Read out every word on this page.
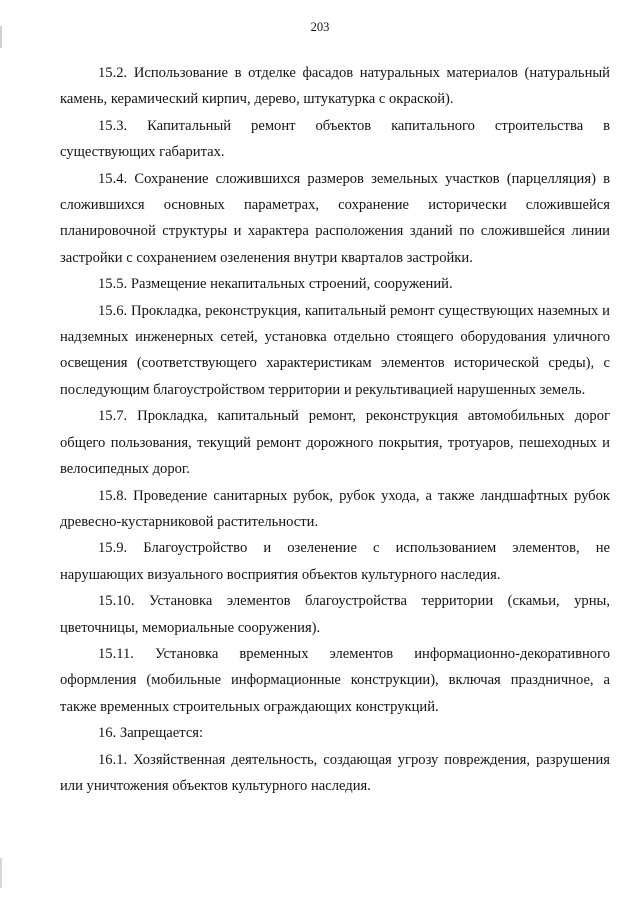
203

15.2. Использование в отделке фасадов натуральных материалов (натуральный камень, керамический кирпич, дерево, штукатурка с окраской).

15.3. Капитальный ремонт объектов капитального строительства в существующих габаритах.

15.4. Сохранение сложившихся размеров земельных участков (парцелляция) в сложившихся основных параметрах, сохранение исторически сложившейся планировочной структуры и характера расположения зданий по сложившейся линии застройки с сохранением озеленения внутри кварталов застройки.

15.5. Размещение некапитальных строений, сооружений.

15.6. Прокладка, реконструкция, капитальный ремонт существующих наземных и надземных инженерных сетей, установка отдельно стоящего оборудования уличного освещения (соответствующего характеристикам элементов исторической среды), с последующим благоустройством территории и рекультивацией нарушенных земель.

15.7. Прокладка, капитальный ремонт, реконструкция автомобильных дорог общего пользования, текущий ремонт дорожного покрытия, тротуаров, пешеходных и велосипедных дорог.

15.8. Проведение санитарных рубок, рубок ухода, а также ландшафтных рубок древесно-кустарниковой растительности.

15.9. Благоустройство и озеленение с использованием элементов, не нарушающих визуального восприятия объектов культурного наследия.

15.10. Установка элементов благоустройства территории (скамьи, урны, цветочницы, мемориальные сооружения).

15.11. Установка временных элементов информационно-декоративного оформления (мобильные информационные конструкции), включая праздничное, а также временных строительных ограждающих конструкций.

16. Запрещается:

16.1. Хозяйственная деятельность, создающая угрозу повреждения, разрушения или уничтожения объектов культурного наследия.
